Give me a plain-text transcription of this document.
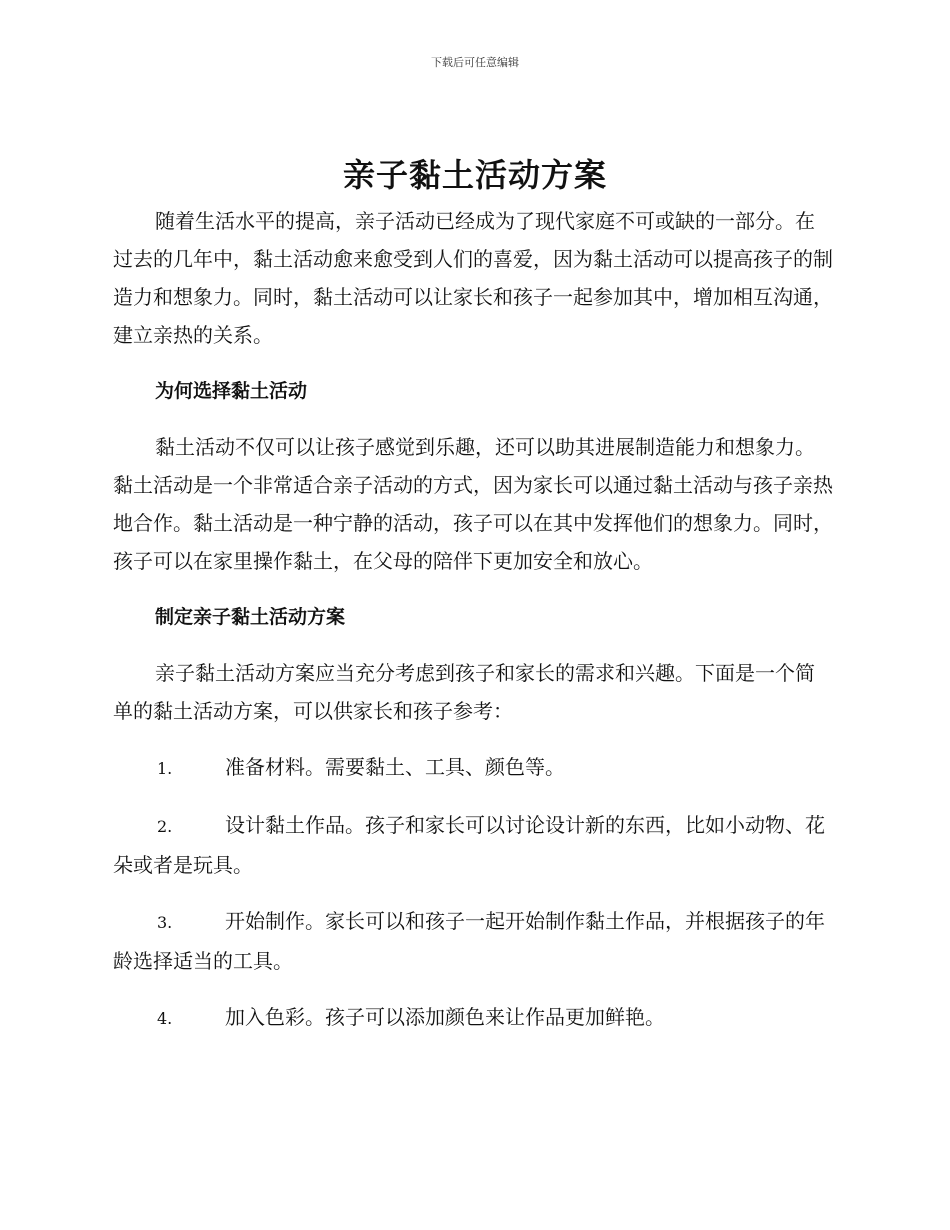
下载后可任意编辑
亲子黏土活动方案

随着生活水平的提高，亲子活动已经成为了现代家庭不可或缺的一部分。在过去的几年中，黏土活动愈来愈受到人们的喜爱，因为黏土活动可以提高孩子的制造力和想象力。同时，黏土活动可以让家长和孩子一起参加其中，增加相互沟通，建立亲热的关系。

为何选择黏土活动

黏土活动不仅可以让孩子感觉到乐趣，还可以助其进展制造能力和想象力。黏土活动是一个非常适合亲子活动的方式，因为家长可以通过黏土活动与孩子亲热地合作。黏土活动是一种宁静的活动，孩子可以在其中发挥他们的想象力。同时，孩子可以在家里操作黏土，在父母的陪伴下更加安全和放心。

制定亲子黏土活动方案

亲子黏土活动方案应当充分考虑到孩子和家长的需求和兴趣。下面是一个简单的黏土活动方案，可以供家长和孩子参考：

1.	准备材料。需要黏土、工具、颜色等。

2.	设计黏土作品。孩子和家长可以讨论设计新的东西，比如小动物、花朵或者是玩具。

3.	开始制作。家长可以和孩子一起开始制作黏土作品，并根据孩子的年龄选择适当的工具。

4.	加入色彩。孩子可以添加颜色来让作品更加鲜艳。
